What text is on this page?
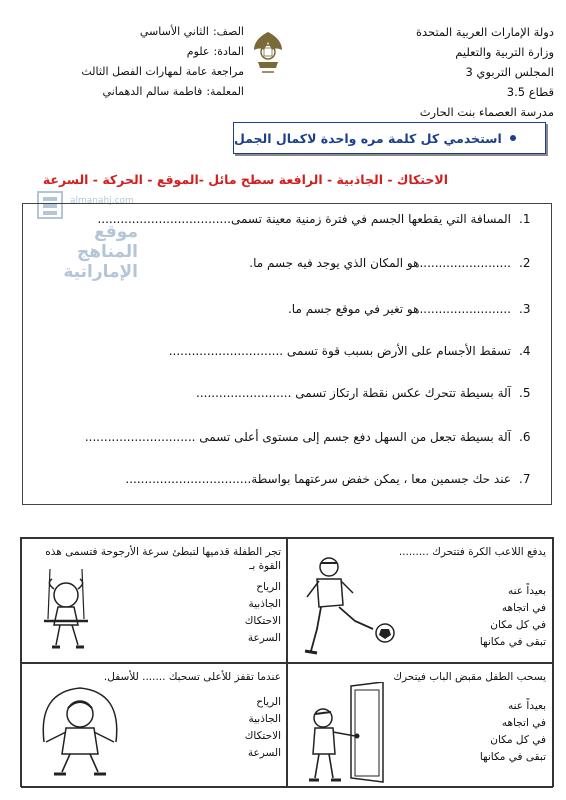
دولة الإمارات العربية المتحدة
وزارة التربية والتعليم
المجلس التربوي 3
قطاع 3.5
مدرسة العصماء بنت الحارث
الصف:
الثاني الأساسي
المادة:
علوم
مراجعة عامة لمهارات الفصل الثالث
المعلمة:
فاطمة سالم الدهماني
استخدمي كل كلمة مره واحدة لاكمال الجمل
الاحتكاك - الجاذبية - الرافعة سطح مائل -الموقع - الحركة - السرعة
almanahj.com
موقع المناهج الإماراتية
1.المسافة التي يقطعها الجسم في فترة زمنية معينة تسمى...................................
2.........................هو المكان الذي يوجد فيه جسم ما.
3.........................هو تغير في موقع جسم ما.
4.تسقط الأجسام على الأرض بسبب قوة تسمى ..............................
5.آلة بسيطة تتحرك عكس نقطة ارتكاز تسمى .........................
6.آلة بسيطة تجعل من السهل دفع جسم إلى مستوى أعلى تسمى .............................
7.عند حك جسمين معا ، يمكن خفض سرعتهما بواسطة.................................
يدفع اللاعب الكرة فتتحرك .........
بعيداً عنه
في اتجاهه
في كل مكان
تبقى في مكانها
تجر الطفلة قدميها لتبطئ سرعة الأرجوحة فتسمى هذه القوة بـ
الرياح
الجاذبية
الاحتكاك
السرعة
يسحب الطفل مقبض الباب فيتحرك
بعيداً عنه
في اتجاهه
في كل مكان
تبقى في مكانها
عندما تقفز للأعلى تسحبك ....... للأسفل.
الرياح
الجاذبية
الاحتكاك
السرعة
